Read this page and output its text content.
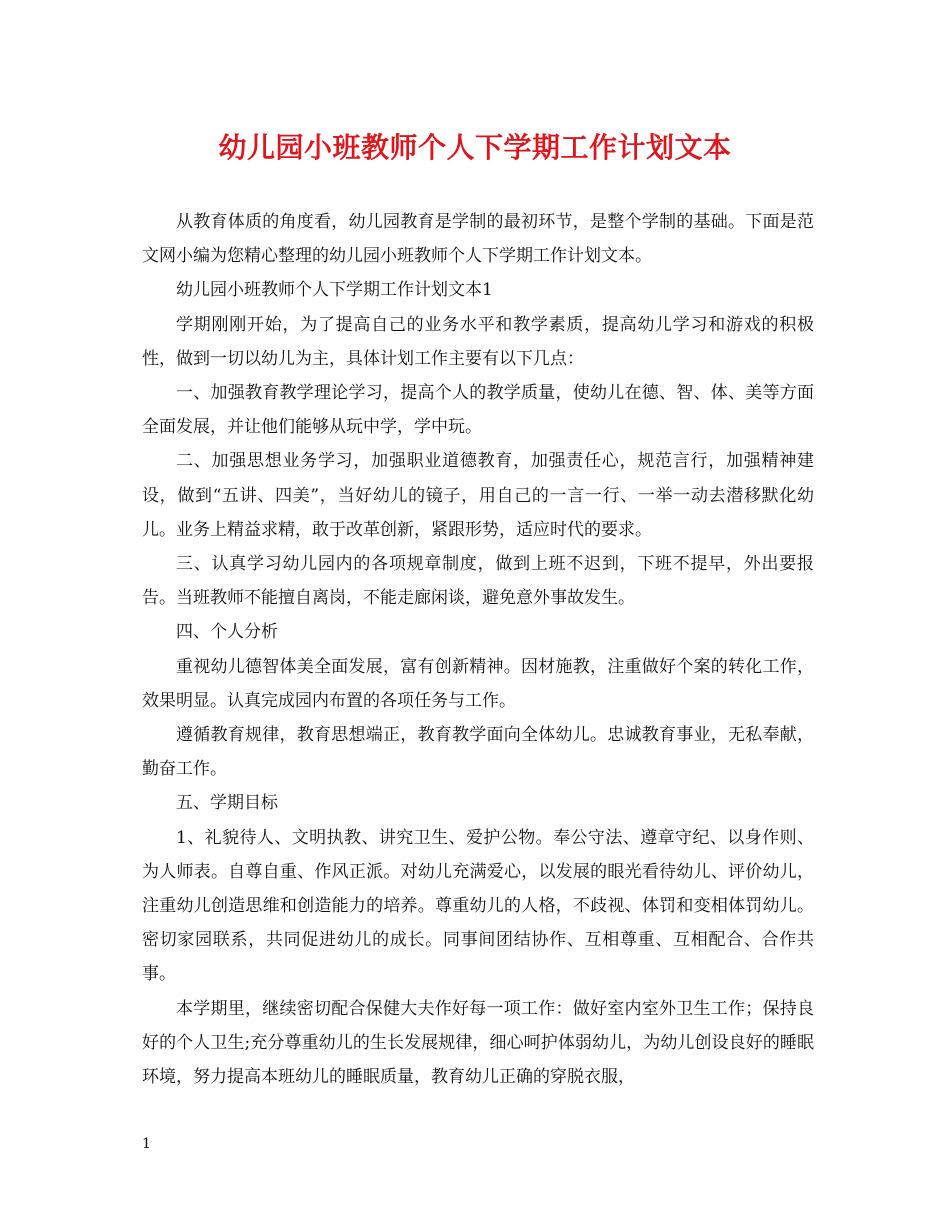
幼儿园小班教师个人下学期工作计划文本

从教育体质的角度看，幼儿园教育是学制的最初环节，是整个学制的基础。下面是范文网小编为您精心整理的幼儿园小班教师个人下学期工作计划文本。

幼儿园小班教师个人下学期工作计划文本1

学期刚刚开始，为了提高自己的业务水平和教学素质，提高幼儿学习和游戏的积极性，做到一切以幼儿为主，具体计划工作主要有以下几点：

一、加强教育教学理论学习，提高个人的教学质量，使幼儿在德、智、体、美等方面全面发展，并让他们能够从玩中学，学中玩。

二、加强思想业务学习，加强职业道德教育，加强责任心，规范言行，加强精神建设，做到“五讲、四美”，当好幼儿的镜子，用自己的一言一行、一举一动去潜移默化幼儿。业务上精益求精，敢于改革创新，紧跟形势，适应时代的要求。

三、认真学习幼儿园内的各项规章制度，做到上班不迟到，下班不提早，外出要报告。当班教师不能擅自离岗，不能走廊闲谈，避免意外事故发生。

四、个人分析

重视幼儿德智体美全面发展，富有创新精神。因材施教，注重做好个案的转化工作，效果明显。认真完成园内布置的各项任务与工作。

遵循教育规律，教育思想端正，教育教学面向全体幼儿。忠诚教育事业，无私奉献，勤奋工作。

五、学期目标

1、礼貌待人、文明执教、讲究卫生、爱护公物。奉公守法、遵章守纪、以身作则、为人师表。自尊自重、作风正派。对幼儿充满爱心，以发展的眼光看待幼儿、评价幼儿，注重幼儿创造思维和创造能力的培养。尊重幼儿的人格，不歧视、体罚和变相体罚幼儿。密切家园联系，共同促进幼儿的成长。同事间团结协作、互相尊重、互相配合、合作共事。

本学期里，继续密切配合保健大夫作好每一项工作：做好室内室外卫生工作；保持良好的个人卫生;充分尊重幼儿的生长发展规律，细心呵护体弱幼儿，为幼儿创设良好的睡眠环境，努力提高本班幼儿的睡眠质量，教育幼儿正确的穿脱衣服，

1
